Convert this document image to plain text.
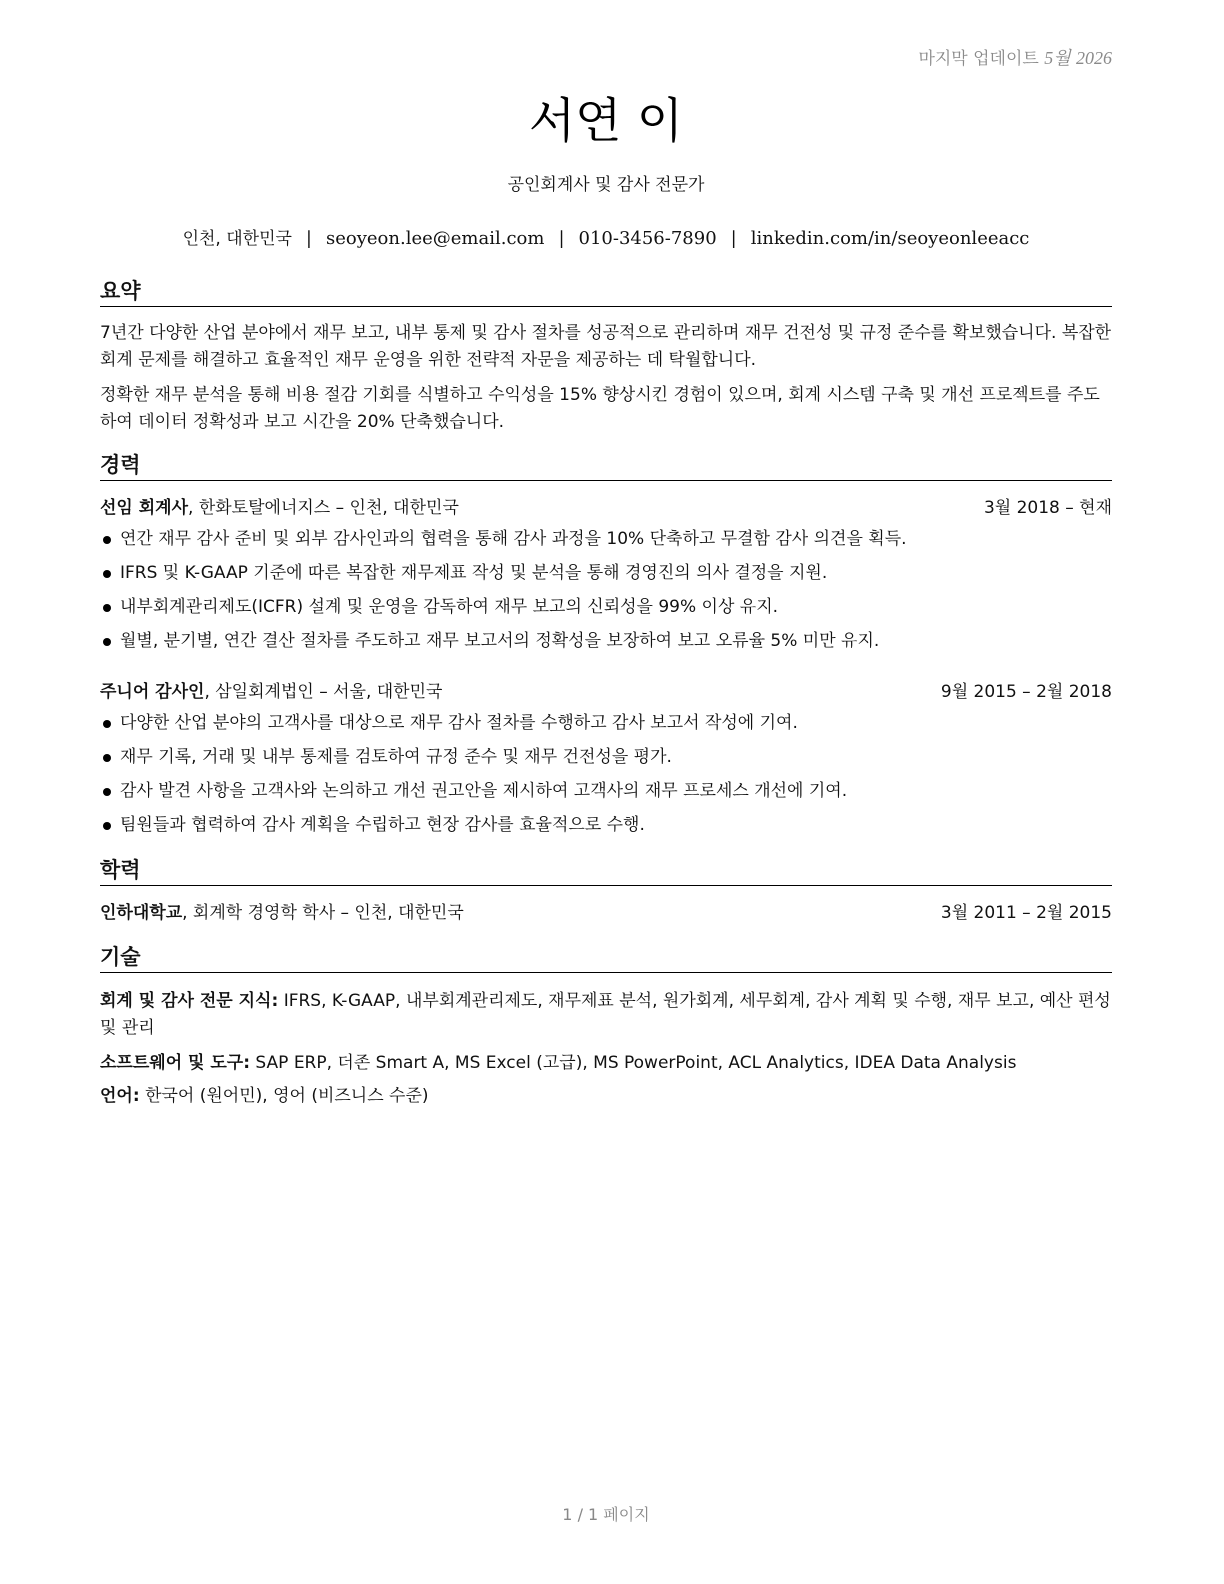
마지막 업데이트 5월 2026
서연 이
공인회계사 및 감사 전문가
인천, 대한민국 | seoyeon.lee@email.com | 010-3456-7890 | linkedin.com/in/seoyeonleeacc
요약
7년간 다양한 산업 분야에서 재무 보고, 내부 통제 및 감사 절차를 성공적으로 관리하며 재무 건전성 및 규정 준수를 확보했습니다. 복잡한 회계 문제를 해결하고 효율적인 재무 운영을 위한 전략적 자문을 제공하는 데 탁월합니다.
정확한 재무 분석을 통해 비용 절감 기회를 식별하고 수익성을 15% 향상시킨 경험이 있으며, 회계 시스템 구축 및 개선 프로젝트를 주도하여 데이터 정확성과 보고 시간을 20% 단축했습니다.
경력
선임 회계사, 한화토탈에너지스 – 인천, 대한민국	3월 2018 – 현재
연간 재무 감사 준비 및 외부 감사인과의 협력을 통해 감사 과정을 10% 단축하고 무결함 감사 의견을 획득.
IFRS 및 K-GAAP 기준에 따른 복잡한 재무제표 작성 및 분석을 통해 경영진의 의사 결정을 지원.
내부회계관리제도(ICFR) 설계 및 운영을 감독하여 재무 보고의 신뢰성을 99% 이상 유지.
월별, 분기별, 연간 결산 절차를 주도하고 재무 보고서의 정확성을 보장하여 보고 오류율 5% 미만 유지.
주니어 감사인, 삼일회계법인 – 서울, 대한민국	9월 2015 – 2월 2018
다양한 산업 분야의 고객사를 대상으로 재무 감사 절차를 수행하고 감사 보고서 작성에 기여.
재무 기록, 거래 및 내부 통제를 검토하여 규정 준수 및 재무 건전성을 평가.
감사 발견 사항을 고객사와 논의하고 개선 권고안을 제시하여 고객사의 재무 프로세스 개선에 기여.
팀원들과 협력하여 감사 계획을 수립하고 현장 감사를 효율적으로 수행.
학력
인하대학교, 회계학 경영학 학사 – 인천, 대한민국	3월 2011 – 2월 2015
기술
회계 및 감사 전문 지식: IFRS, K-GAAP, 내부회계관리제도, 재무제표 분석, 원가회계, 세무회계, 감사 계획 및 수행, 재무 보고, 예산 편성 및 관리
소프트웨어 및 도구: SAP ERP, 더존 Smart A, MS Excel (고급), MS PowerPoint, ACL Analytics, IDEA Data Analysis
언어: 한국어 (원어민), 영어 (비즈니스 수준)
1 / 1 페이지
